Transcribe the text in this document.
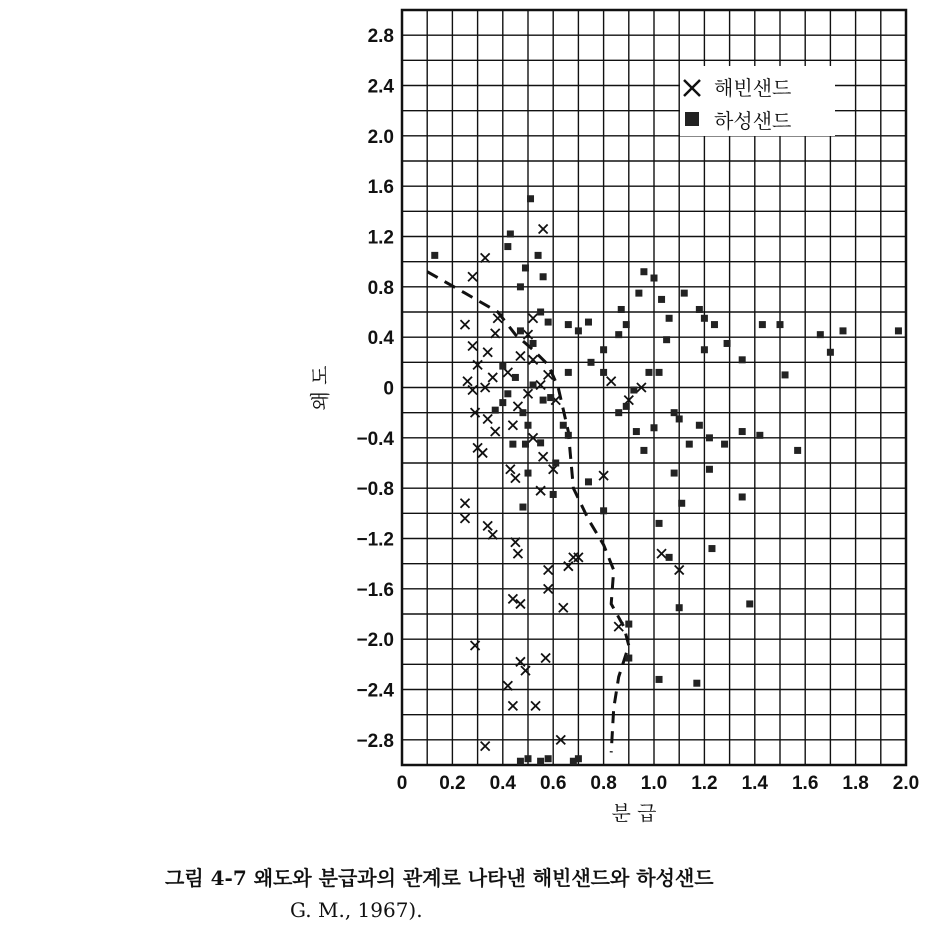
0 0.2 0.4 0.6 0.8 1.0 1.2 1.4 1.6 1.8 2.0
2.8
2.4
2.0
1.6
1.2
0.8
0.4
0
−0.4
−0.8
−1.2
−1.6
−2.0
−2.4
−2.8
분 급
왜 도
해빈샌드
하성샌드
그림 4-7 왜도와 분급과의 관계로 나타낸 해빈샌드와 하성샌드
G. M., 1967).
